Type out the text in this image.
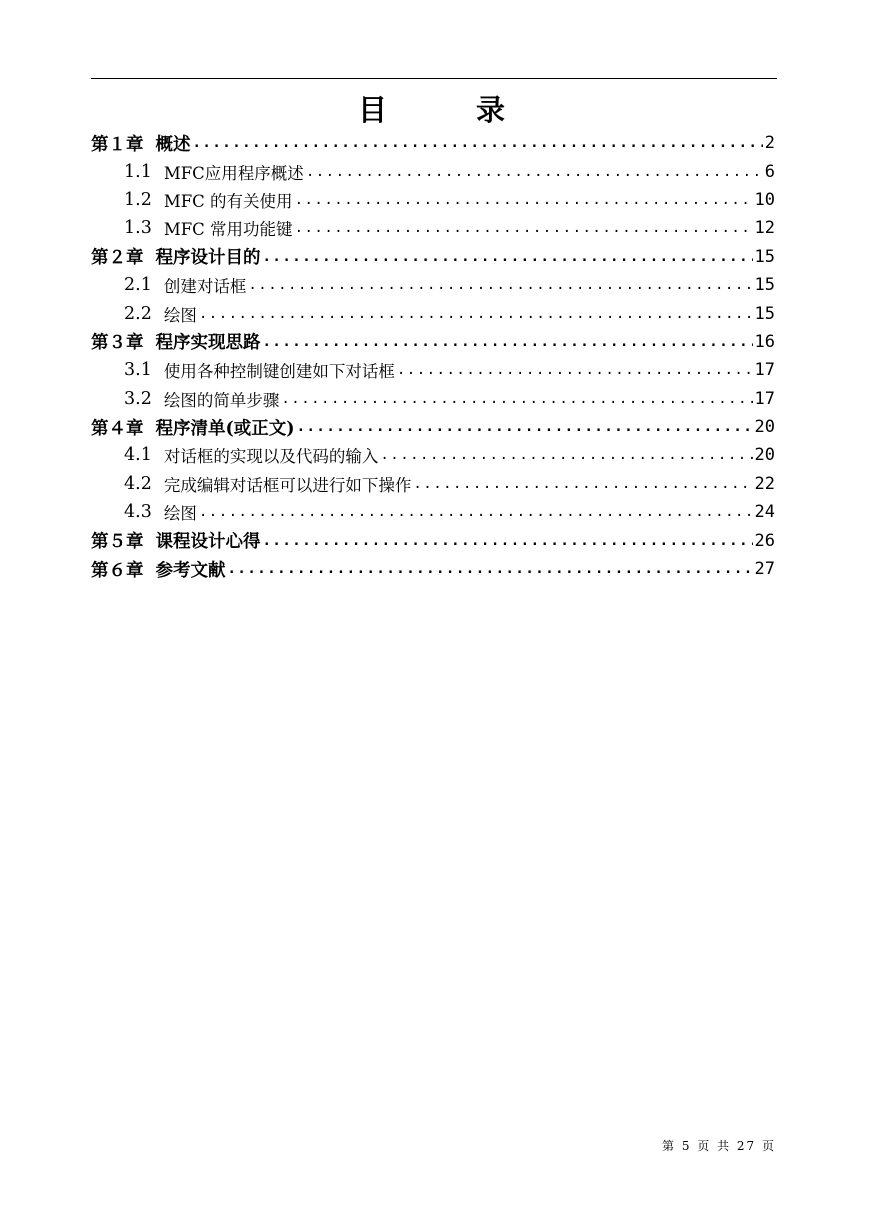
目　录
第１章 概述 .....	2
1.1 MFC应用程序概述 .....	6
1.2 MFC 的有关使用 .....	10
1.3 MFC 常用功能键 .....	12
第２章 程序设计目的 .....	15
2.1 创建对话框 .....	15
2.2 绘图 .....	15
第３章 程序实现思路 .....	16
3.1 使用各种控制键创建如下对话框 .....	17
3.2 绘图的简单步骤 .....	17
第４章 程序清单(或正文) .....	20
4.1 对话框的实现以及代码的输入 .....	20
4.2 完成编辑对话框可以进行如下操作 .....	22
4.3 绘图 .....	24
第５章 课程设计心得 .....	26
第６章 参考文献 .....	27
第 5 页 共 27 页
